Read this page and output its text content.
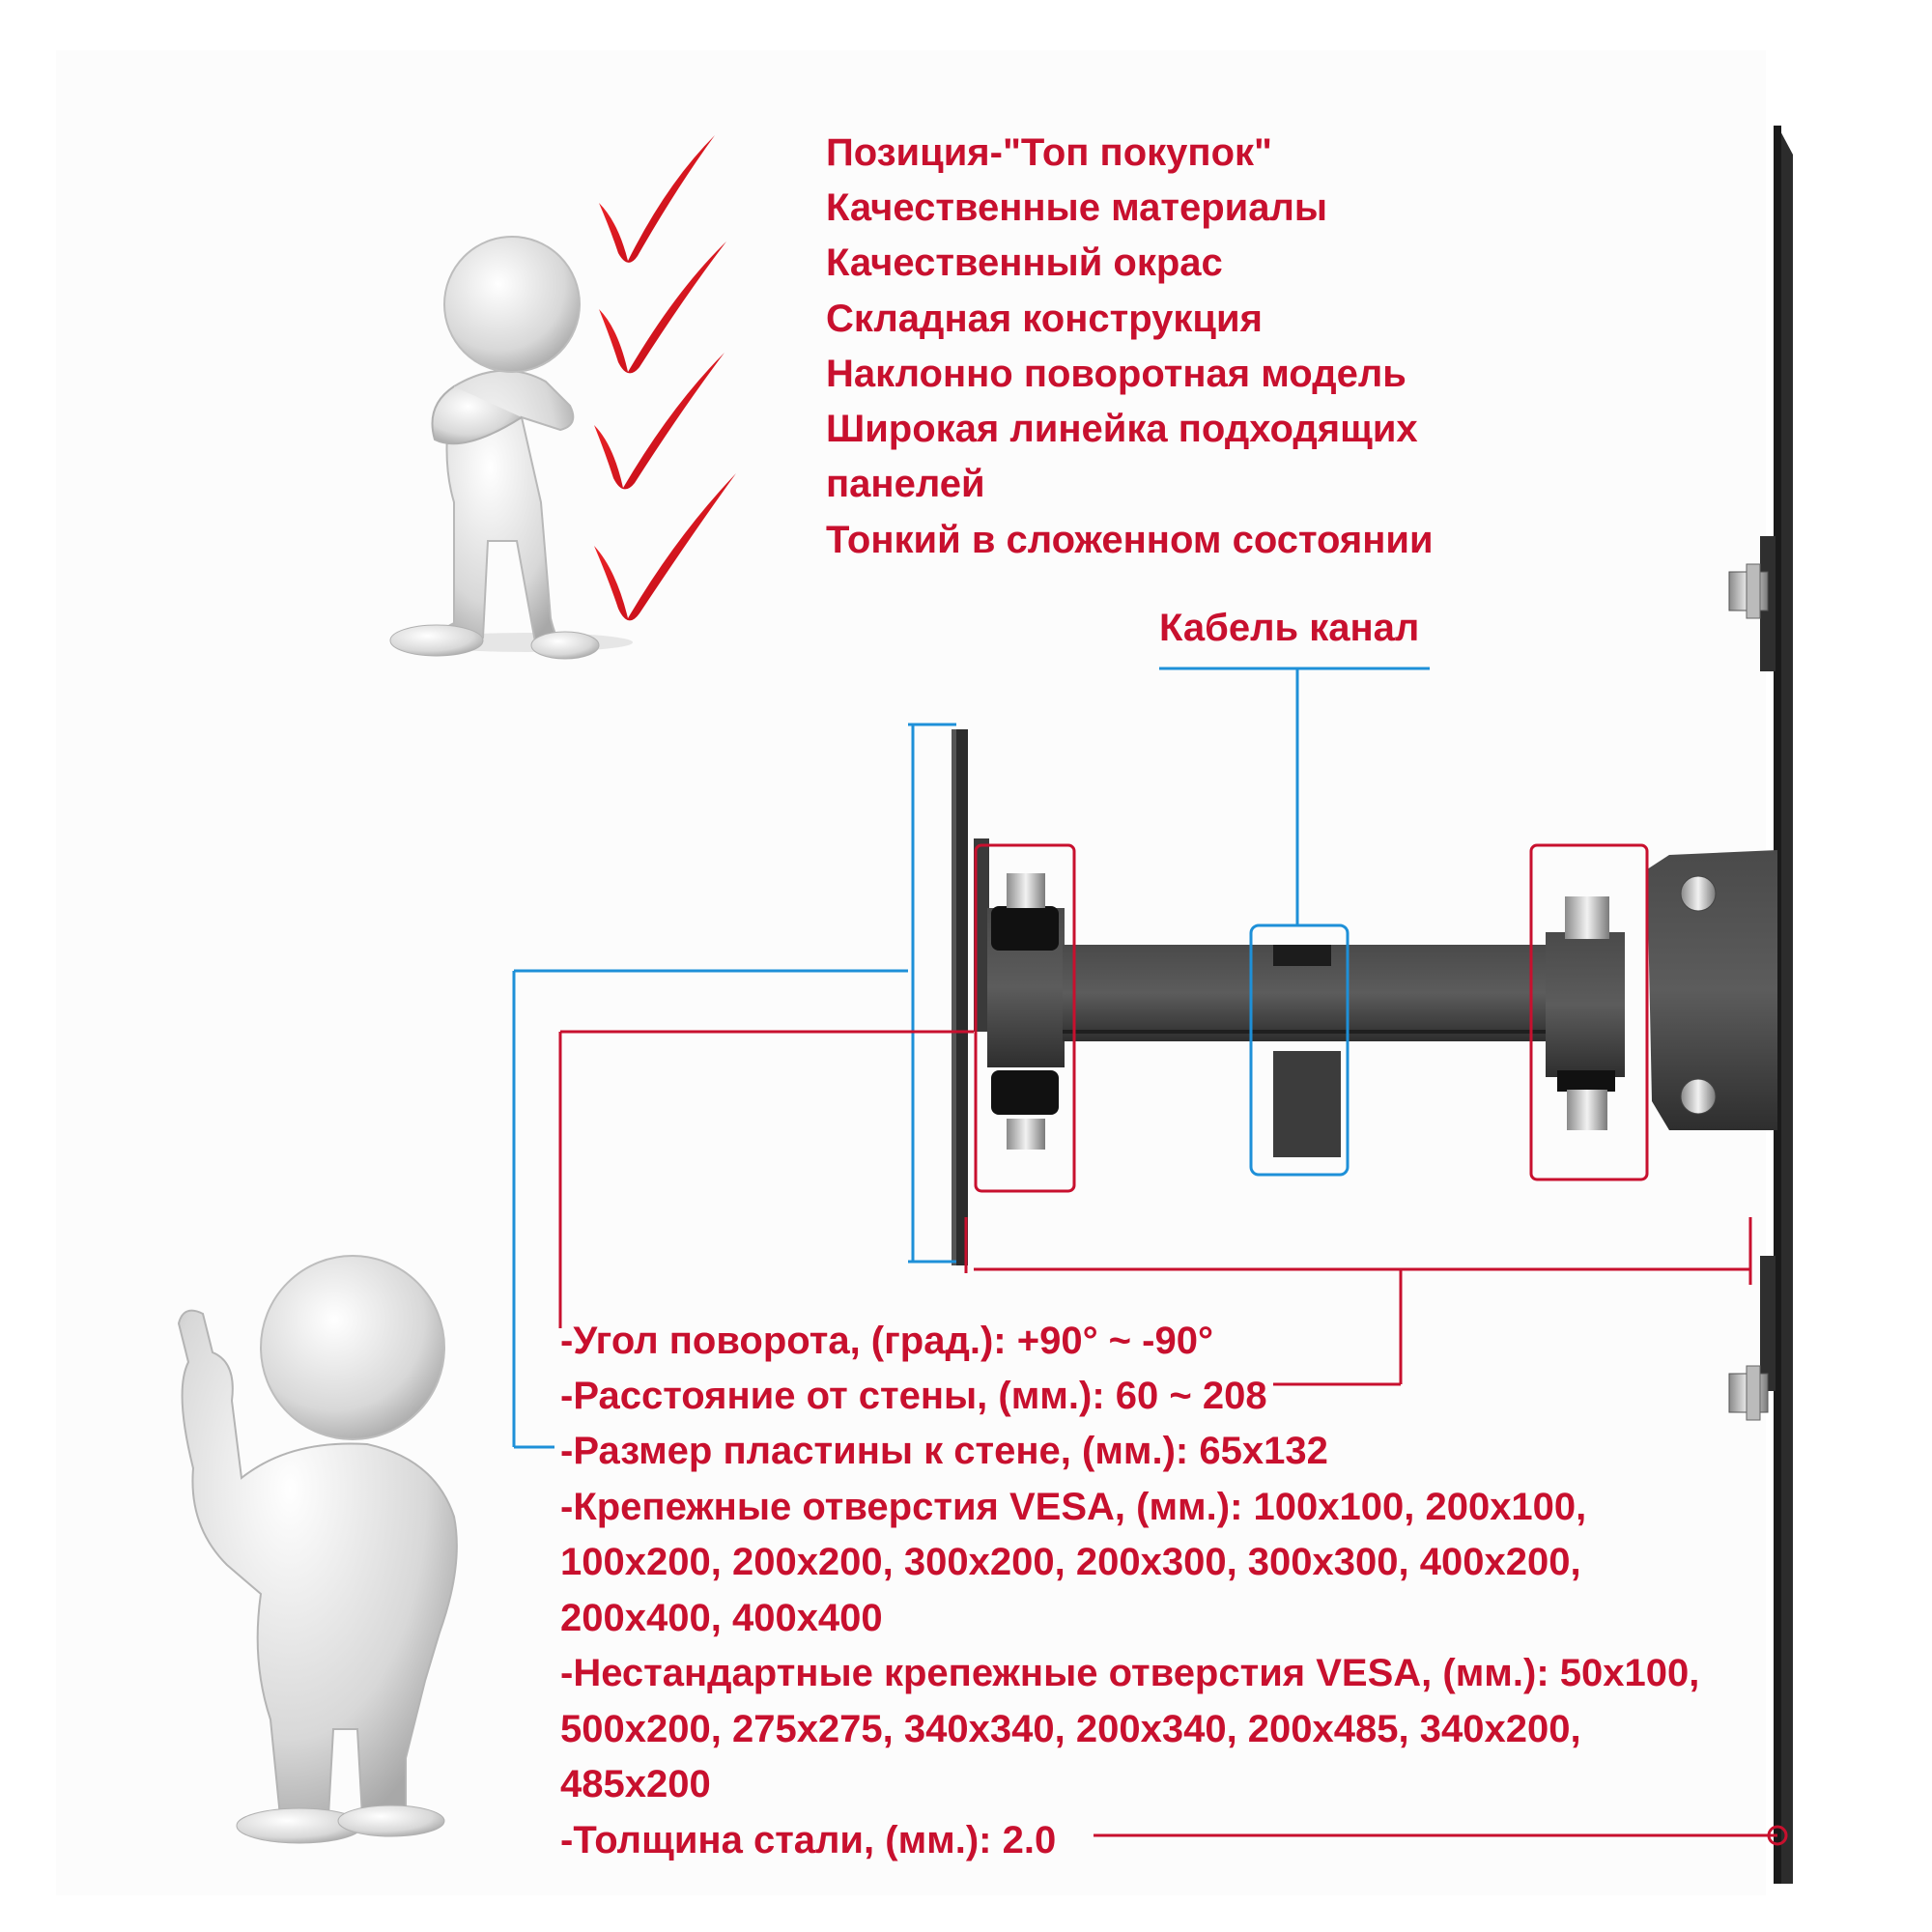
Позиция-"Топ покупок"
Качественные материалы
Качественный окрас
Складная конструкция
Наклонно поворотная модель
Широкая линейка подходящих
панелей
Тонкий в сложенном состоянии
Кабель канал
-Угол поворота, (град.): +90° ~ -90°
-Расстояние от стены, (мм.): 60 ~ 208
-Размер пластины к стене, (мм.): 65х132
-Крепежные отверстия VESA, (мм.): 100х100, 200х100,
100х200, 200х200, 300х200, 200х300, 300х300, 400х200,
200х400, 400х400
-Нестандартные крепежные отверстия VESA, (мм.): 50х100,
500х200, 275х275, 340х340, 200х340, 200х485, 340х200,
485х200
-Толщина стали, (мм.): 2.0
